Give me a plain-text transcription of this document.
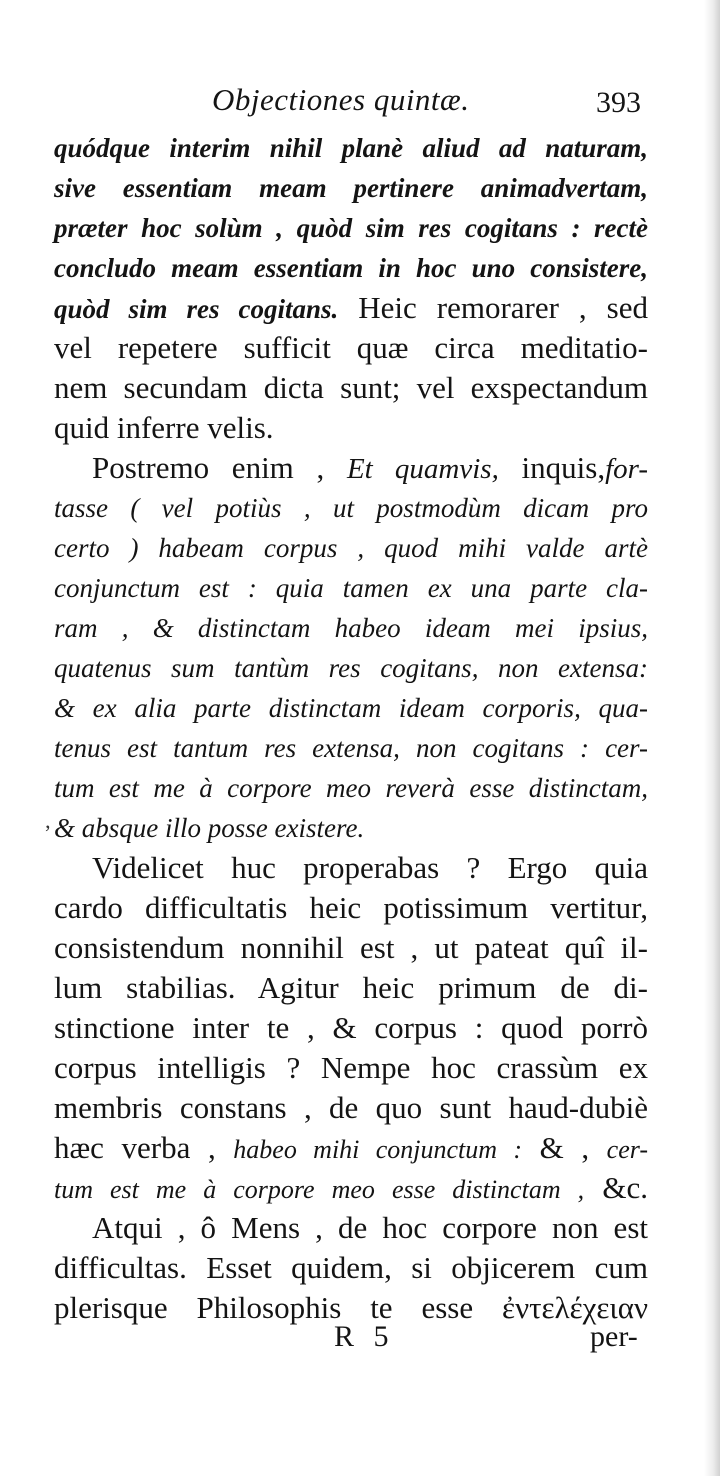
Objectiones quintæ.	393
‚
quódque interim nihil planè aliud ad naturam,
sive essentiam meam pertinere animadvertam,
præter hoc solùm , quòd sim res cogitans : rectè
concludo meam essentiam in hoc uno consistere,
quòd sim res cogitans. Heic remorarer , sed
vel repetere sufficit quæ circa meditatio-
nem secundam dicta sunt; vel exspectandum
quid inferre velis.
Postremo enim , Et quamvis, inquis,for-
tasse ( vel potiùs , ut postmodùm dicam pro
certo ) habeam corpus , quod mihi valde artè
conjunctum est : quia tamen ex una parte cla-
ram , & distinctam habeo ideam mei ipsius,
quatenus sum tantùm res cogitans, non extensa:
& ex alia parte distinctam ideam corporis, qua-
tenus est tantum res extensa, non cogitans : cer-
tum est me à corpore meo reverà esse distinctam,
& absque illo posse existere.
Videlicet huc properabas ? Ergo quia
cardo difficultatis heic potissimum vertitur,
consistendum nonnihil est , ut pateat quî il-
lum stabilias. Agitur heic primum de di-
stinctione inter te , & corpus : quod porrò
corpus intelligis ? Nempe hoc crassùm ex
membris constans , de quo sunt haud-dubiè
hæc verba , habeo mihi conjunctum : & , cer-
tum est me à corpore meo esse distinctam , &c.
Atqui , ô Mens , de hoc corpore non est
difficultas. Esset quidem, si objicerem cum
plerisque Philosophis te esse ἐντελέχειαν
R 5	per-
